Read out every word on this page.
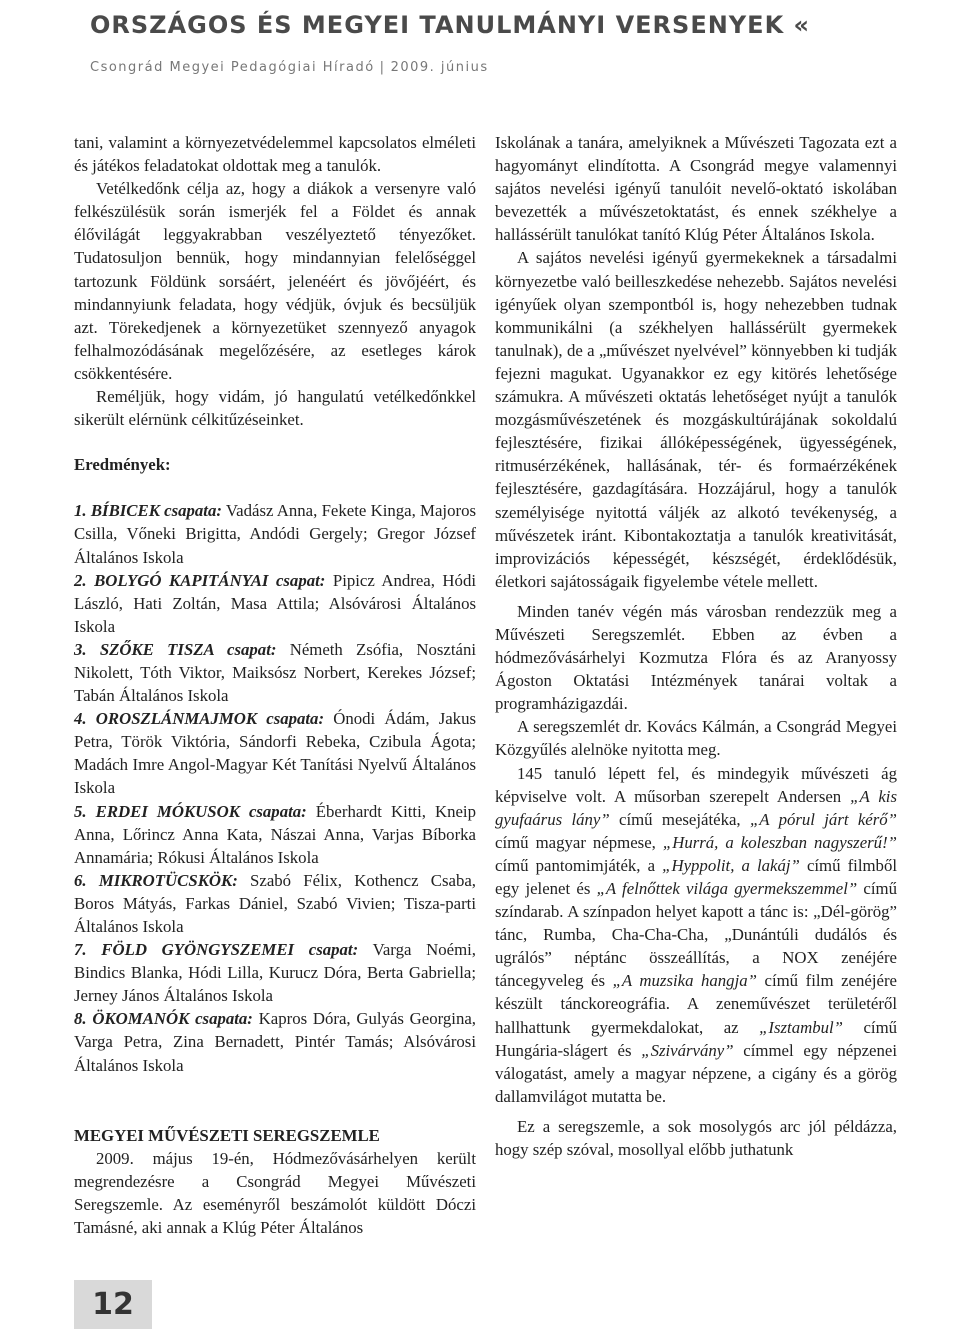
ORSZÁGOS ÉS MEGYEI TANULMÁNYI VERSENYEK «
Csongrád Megyei Pedagógiai Híradó | 2009. június

tani, valamint a környezetvédelemmel kapcsolatos elméleti és játékos feladatokat oldottak meg a tanulók.

Vetélkedőnk célja az, hogy a diákok a versenyre való felkészülésük során ismerjék fel a Földet és annak élővilágát leggyakrabban veszélyeztető tényezőket. Tudatosuljon bennük, hogy mindannyian felelőséggel tartozunk Földünk sorsáért, jelenéért és jövőjéért, és mindannyiunk feladata, hogy védjük, óvjuk és becsüljük azt. Törekedjenek a környezetüket szennyező anyagok felhalmozódásának megelőzésére, az esetleges károk csökkentésére.

Reméljük, hogy vidám, jó hangulatú vetélkedőnkkel sikerült elérnünk célkitűzéseinket.

Eredmények:

1. BÍBICEK csapata: Vadász Anna, Fekete Kinga, Majoros Csilla, Vőneki Brigitta, Andódi Gergely; Gregor József Általános Iskola

2. BOLYGÓ KAPITÁNYAI csapat: Pipicz Andrea, Hódi László, Hati Zoltán, Masa Attila; Alsóvárosi Általános Iskola

3. SZŐKE TISZA csapat: Németh Zsófia, Nosztáni Nikolett, Tóth Viktor, Maiksósz Norbert, Kerekes József; Tabán Általános Iskola

4. OROSZLÁNMAJMOK csapata: Ónodi Ádám, Jakus Petra, Török Viktória, Sándorfi Rebeka, Czibula Ágota; Madách Imre Angol-Magyar Két Tanítási Nyelvű Általános Iskola

5. ERDEI MÓKUSOK csapata: Éberhardt Kitti, Kneip Anna, Lőrincz Anna Kata, Nászai Anna, Varjas Bíborka Annamária; Rókusi Általános Iskola

6. MIKROTÜCSKÖK: Szabó Félix, Kothencz Csaba, Boros Mátyás, Farkas Dániel, Szabó Vivien; Tisza-parti Általános Iskola

7. FÖLD GYÖNGYSZEMEI csapat: Varga Noémi, Bindics Blanka, Hódi Lilla, Kurucz Dóra, Berta Gabriella; Jerney János Általános Iskola

8. ÖKOMANÓK csapata: Kapros Dóra, Gulyás Georgina, Varga Petra, Zina Bernadett, Pintér Tamás; Alsóvárosi Általános Iskola

MEGYEI MŰVÉSZETI SEREGSZEMLE

2009. május 19-én, Hódmezővásárhelyen került megrendezésre a Csongrád Megyei Művészeti Seregszemle. Az eseményről beszámolót küldött Dóczi Tamásné, aki annak a Klúg Péter Általános

Iskolának a tanára, amelyiknek a Művészeti Tagozata ezt a hagyományt elindította. A Csongrád megye valamennyi sajátos nevelési igényű tanulóit nevelő-oktató iskolában bevezették a művészetoktatást, és ennek székhelye a hallássérült tanulókat tanító Klúg Péter Általános Iskola.

A sajátos nevelési igényű gyermekeknek a társadalmi környezetbe való beilleszkedése nehezebb. Sajátos nevelési igényűek olyan szempontból is, hogy nehezebben tudnak kommunikálni (a székhelyen hallássérült gyermekek tanulnak), de a „művészet nyelvével” könnyebben ki tudják fejezni magukat. Ugyanakkor ez egy kitörés lehetősége számukra. A művészeti oktatás lehetőséget nyújt a tanulók mozgásművészetének és mozgáskultúrájának sokoldalú fejlesztésére, fizikai állóképességének, ügyességének, ritmusérzékének, hallásának, tér- és formaérzékének fejlesztésére, gazdagítására. Hozzájárul, hogy a tanulók személyisége nyitottá váljék az alkotó tevékenység, a művészetek iránt. Kibontakoztatja a tanulók kreativitását, improvizációs képességét, készségét, érdeklődésük, életkori sajátosságaik figyelembe vétele mellett.

Minden tanév végén más városban rendezzük meg a Művészeti Seregszemlét. Ebben az évben a hódmezővásárhelyi Kozmutza Flóra és az Aranyossy Ágoston Oktatási Intézmények tanárai voltak a programházigazdái.

A seregszemlét dr. Kovács Kálmán, a Csongrád Megyei Közgyűlés alelnöke nyitotta meg.

145 tanuló lépett fel, és mindegyik művészeti ág képviselve volt. A műsorban szerepelt Andersen „A kis gyufaárus lány” című mesejátéka, „A pórul járt kérő” című magyar népmese, „Hurrá, a koleszban nagyszerű!” című pantomimjáték, a „Hyppolit, a lakáj” című filmből egy jelenet és „A felnőttek világa gyermekszemmel” című színdarab. A színpadon helyet kapott a tánc is: „Dél-görög” tánc, Rumba, Cha-Cha-Cha, „Dunántúli dudálós és ugrálós” néptánc összeállítás, a NOX zenéjére táncegyveleg és „A muzsika hangja” című film zenéjére készült tánckoreográfia. A zeneművészet területéről hallhattunk gyermekdalokat, az „Isztambul” című Hungária-slágert és „Szivárvány” címmel egy népzenei válogatást, amely a magyar népzene, a cigány és a görög dallamvilágot mutatta be.

Ez a seregszemle, a sok mosolygós arc jól példázza, hogy szép szóval, mosollyal előbb juthatunk

12
